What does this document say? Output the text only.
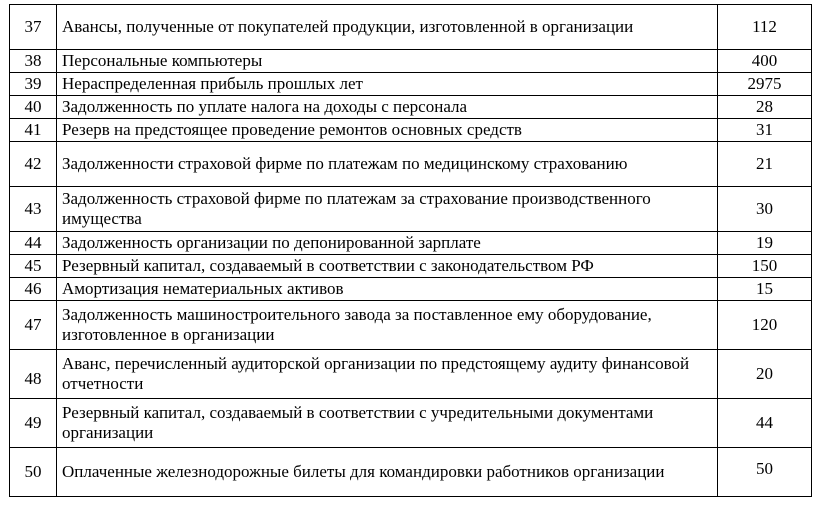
37	Авансы, полученные от покупателей продукции, изготовленной в организации	112
38	Персональные компьютеры	400
39	Нераспределенная прибыль прошлых лет	2975
40	Задолженность по уплате налога на доходы с персонала	28
41	Резерв на предстоящее проведение ремонтов основных средств	31
42	Задолженности страховой фирме по платежам по медицинскому страхованию	21
43	Задолженность страховой фирме по платежам за страхование производственного  имущества	30
44	Задолженность организации по депонированной зарплате	19
45	Резервный капитал, создаваемый в соответствии с законодательством РФ	150
46	Амортизация нематериальных активов	15
47	Задолженность машиностроительного завода за поставленное ему оборудование, изготовленное в организации	120

48	Аванс, перечисленный аудиторской организации по предстоящему аудиту финансовой отчетности	20
49	Резервный капитал, создаваемый в соответствии с учредительными документами организации	44
50	Оплаченные железнодорожные билеты для командировки работников организации	50
